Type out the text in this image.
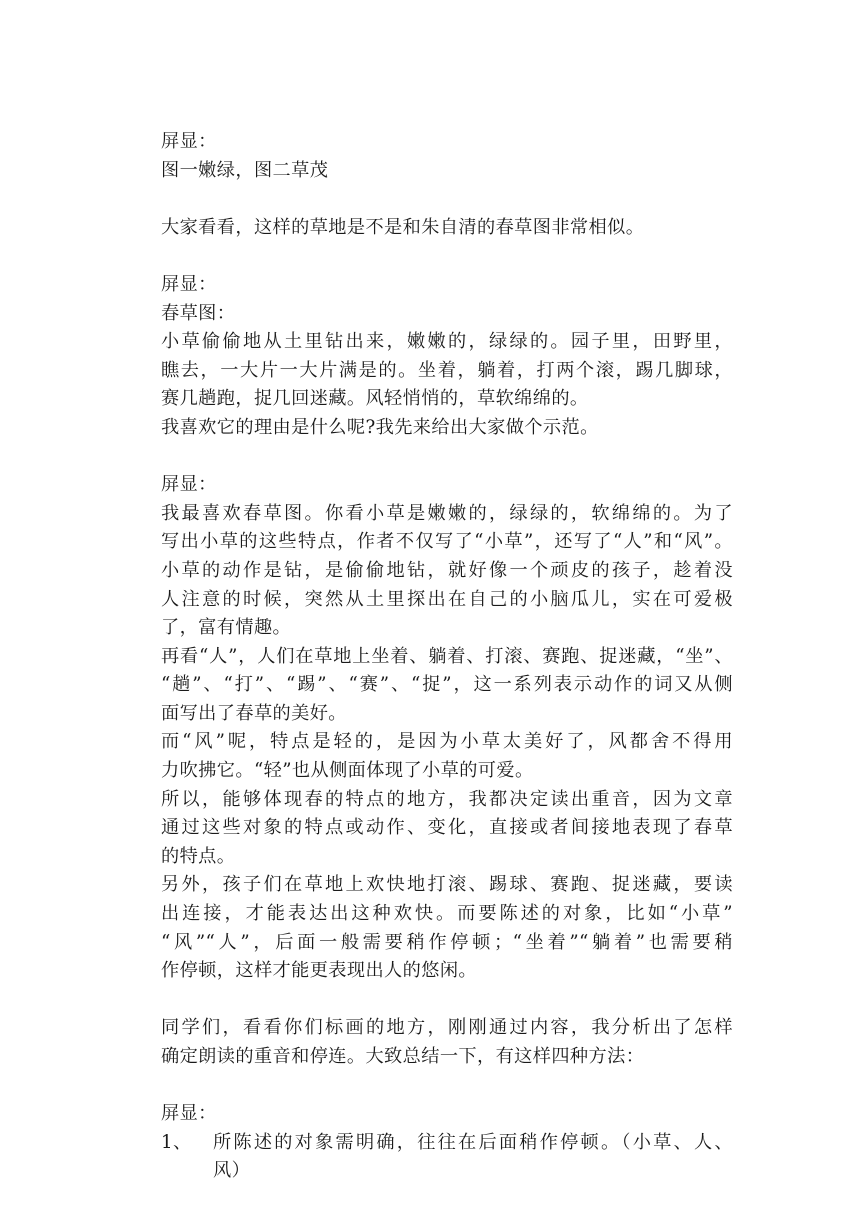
屏显：
图一嫩绿，图二草茂
大家看看，这样的草地是不是和朱自清的春草图非常相似。
屏显：
春草图：
小草偷偷地从土里钻出来，嫩嫩的，绿绿的。园子里，田野里，
瞧去，一大片一大片满是的。坐着，躺着，打两个滚，踢几脚球，
赛几趟跑，捉几回迷藏。风轻悄悄的，草软绵绵的。
我喜欢它的理由是什么呢?我先来给出大家做个示范。
屏显：
我最喜欢春草图。你看小草是嫩嫩的，绿绿的，软绵绵的。为了
写出小草的这些特点，作者不仅写了“小草”，还写了“人”和“风”。
小草的动作是钻，是偷偷地钻，就好像一个顽皮的孩子，趁着没
人注意的时候，突然从土里探出在自己的小脑瓜儿，实在可爱极
了，富有情趣。
再看“人”，人们在草地上坐着、躺着、打滚、赛跑、捉迷藏，“坐”、
“趟”、“打”、“踢”、“赛”、“捉”，这一系列表示动作的词又从侧
面写出了春草的美好。
而“风”呢，特点是轻的，是因为小草太美好了，风都舍不得用
力吹拂它。“轻”也从侧面体现了小草的可爱。
所以，能够体现春的特点的地方，我都决定读出重音，因为文章
通过这些对象的特点或动作、变化，直接或者间接地表现了春草
的特点。
另外，孩子们在草地上欢快地打滚、踢球、赛跑、捉迷藏，要读
出连接，才能表达出这种欢快。而要陈述的对象，比如“小草”
“风”“人”，后面一般需要稍作停顿；“坐着”“躺着”也需要稍
作停顿，这样才能更表现出人的悠闲。
同学们，看看你们标画的地方，刚刚通过内容，我分析出了怎样
确定朗读的重音和停连。大致总结一下，有这样四种方法：
屏显：
1、	所陈述的对象需明确，往往在后面稍作停顿。（小草、人、
风）
